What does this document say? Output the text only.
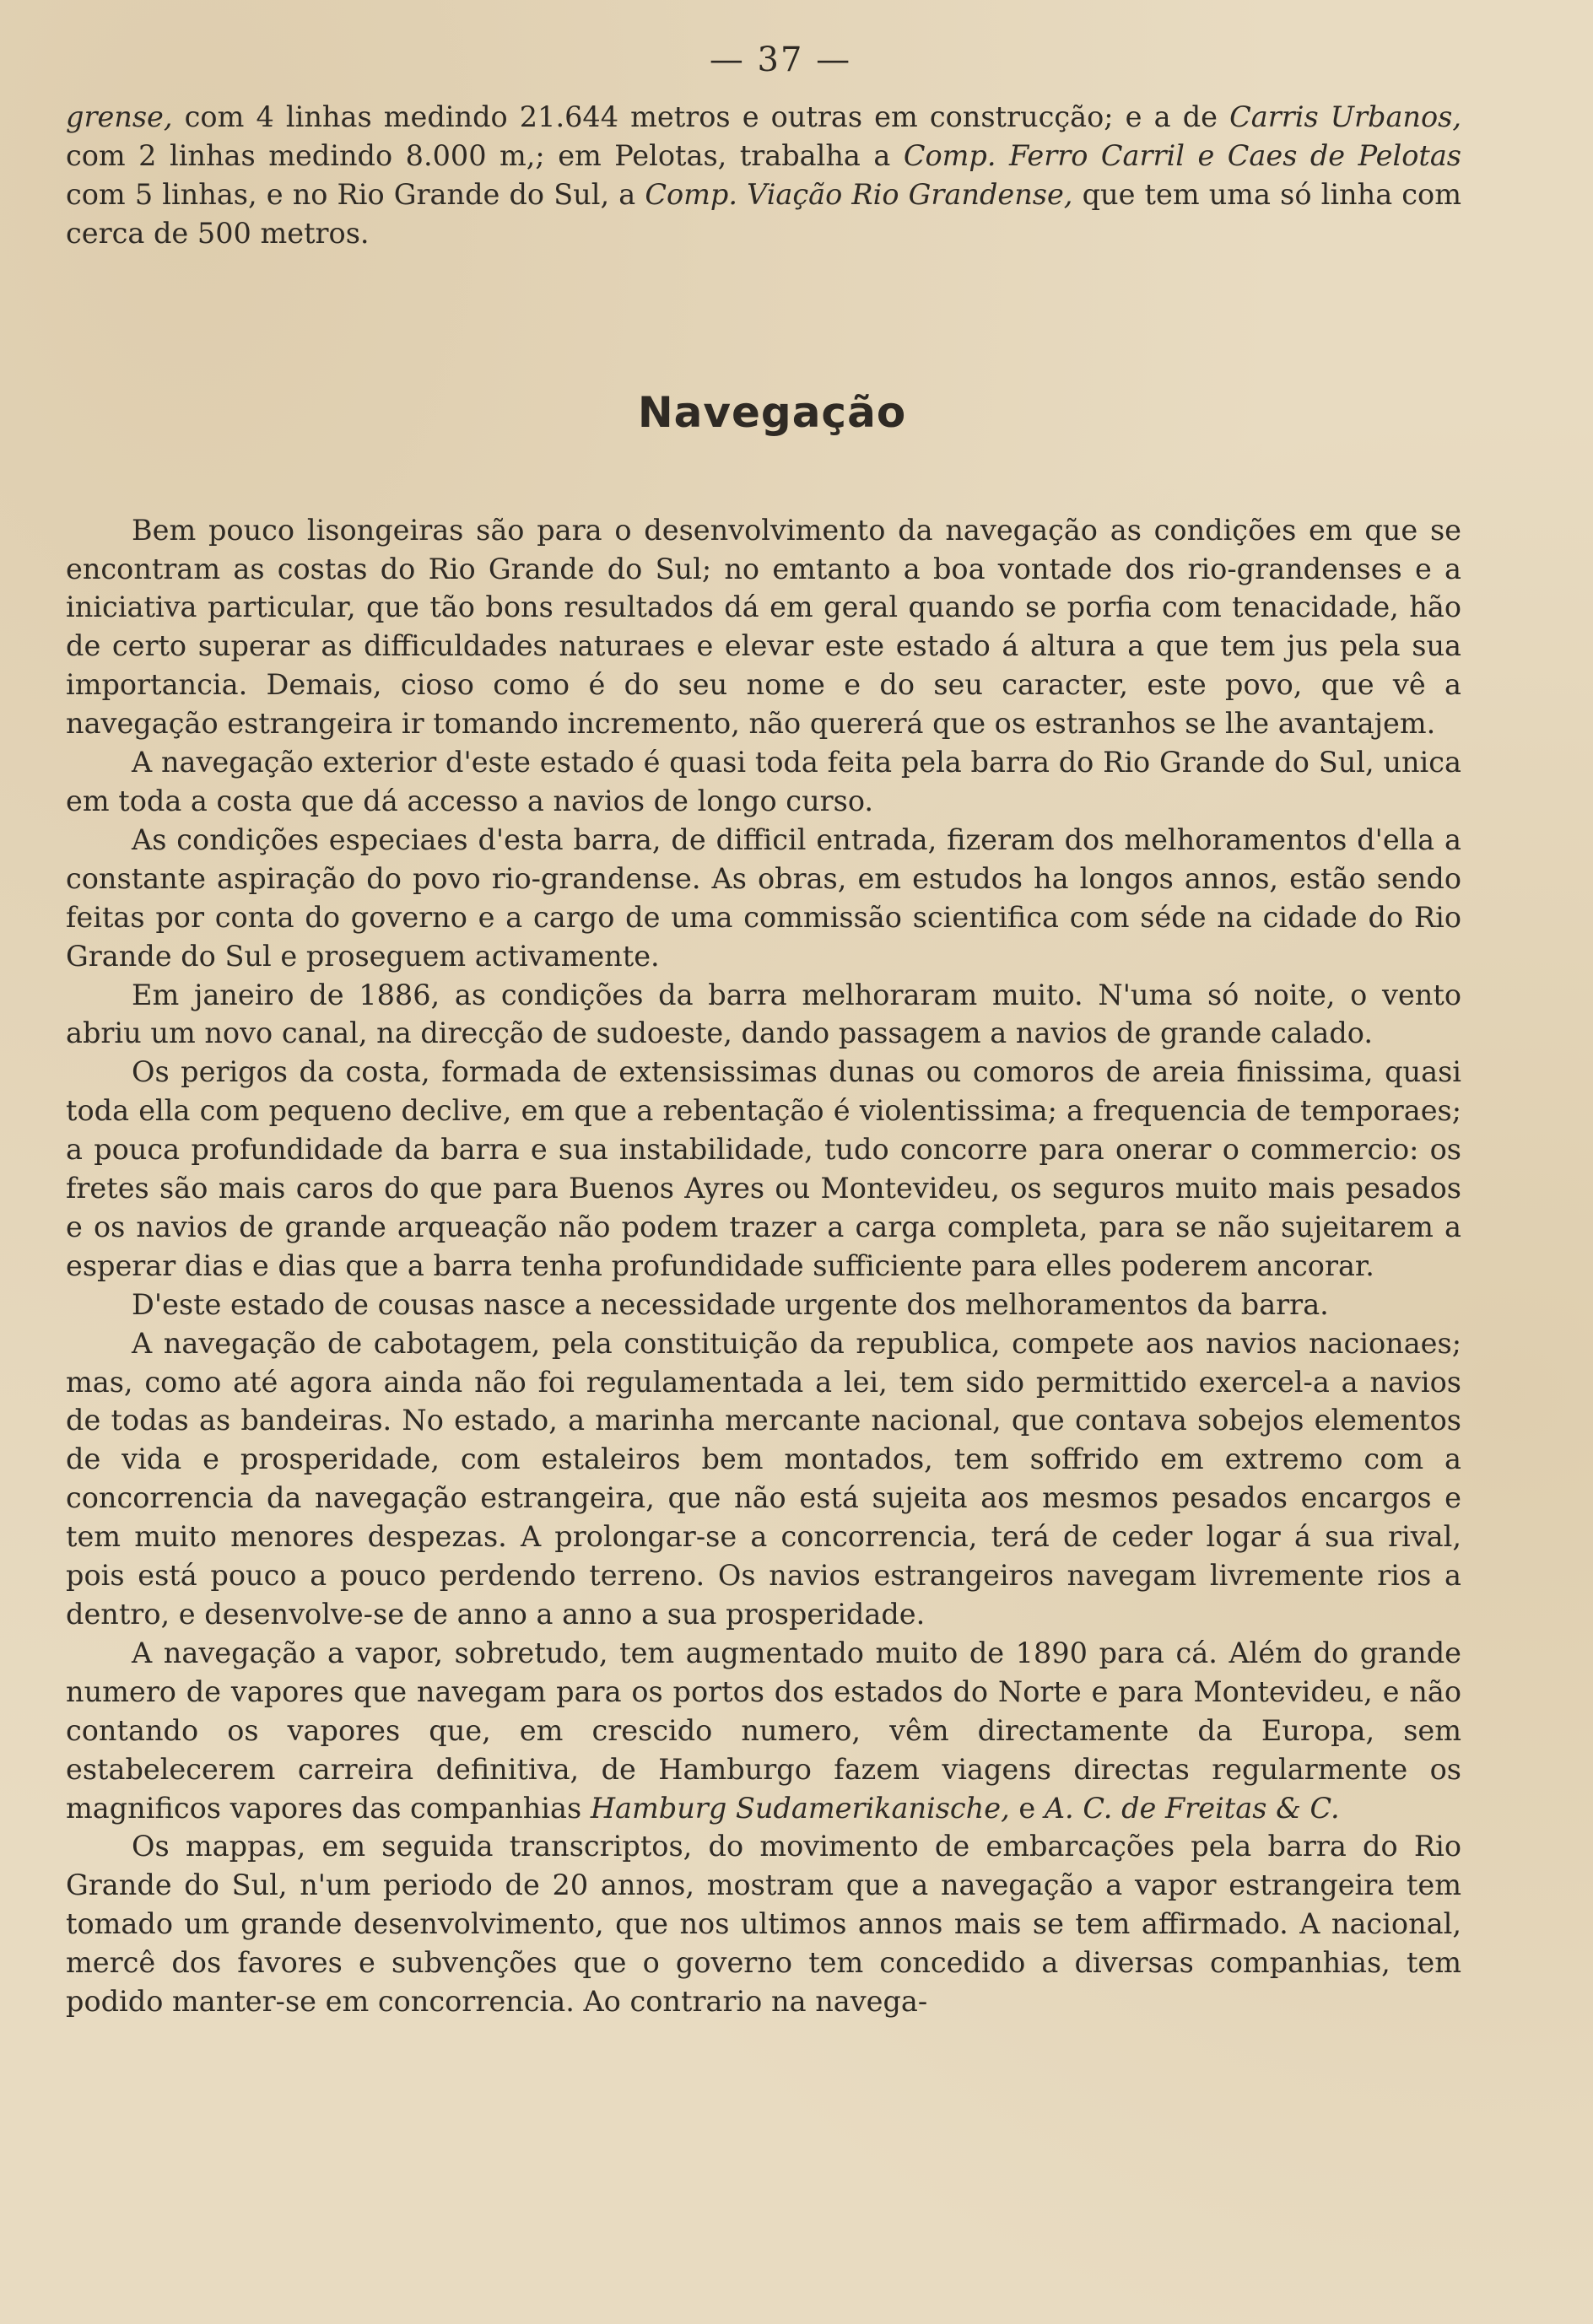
— 37 —

grense, com 4 linhas medindo 21.644 metros e outras em construcção; e a de Carris Urbanos, com 2 linhas medindo 8.000 m,; em Pelotas, trabalha a Comp. Ferro Carril e Caes de Pelotas com 5 linhas, e no Rio Grande do Sul, a Comp. Viação Rio Grandense, que tem uma só linha com cerca de 500 metros.

Navegação

Bem pouco lisongeiras são para o desenvolvimento da navegação as condições em que se encontram as costas do Rio Grande do Sul; no emtanto a boa vontade dos rio-grandenses e a iniciativa particular, que tão bons resultados dá em geral quando se porfia com tenacidade, hão de certo superar as difficuldades naturaes e elevar este estado á altura a que tem jus pela sua importancia. Demais, cioso como é do seu nome e do seu caracter, este povo, que vê a navegação estrangeira ir tomando incremento, não quererá que os estranhos se lhe avantajem.

A navegação exterior d'este estado é quasi toda feita pela barra do Rio Grande do Sul, unica em toda a costa que dá accesso a navios de longo curso.

As condições especiaes d'esta barra, de difficil entrada, fizeram dos melhoramentos d'ella a constante aspiração do povo rio-grandense. As obras, em estudos ha longos annos, estão sendo feitas por conta do governo e a cargo de uma commissão scientifica com séde na cidade do Rio Grande do Sul e proseguem activamente.

Em janeiro de 1886, as condições da barra melhoraram muito. N'uma só noite, o vento abriu um novo canal, na direcção de sudoeste, dando passagem a navios de grande calado.

Os perigos da costa, formada de extensissimas dunas ou comoros de areia finissima, quasi toda ella com pequeno declive, em que a rebentação é violentissima; a frequencia de temporaes; a pouca profundidade da barra e sua instabilidade, tudo concorre para onerar o commercio: os fretes são mais caros do que para Buenos Ayres ou Montevideu, os seguros muito mais pesados e os navios de grande arqueação não podem trazer a carga completa, para se não sujeitarem a esperar dias e dias que a barra tenha profundidade sufficiente para elles poderem ancorar.

D'este estado de cousas nasce a necessidade urgente dos melhoramentos da barra.

A navegação de cabotagem, pela constituição da republica, compete aos navios nacionaes; mas, como até agora ainda não foi regulamentada a lei, tem sido permittido exercel-a a navios de todas as bandeiras. No estado, a marinha mercante nacional, que contava sobejos elementos de vida e prosperidade, com estaleiros bem montados, tem soffrido em extremo com a concorrencia da navegação estrangeira, que não está sujeita aos mesmos pesados encargos e tem muito menores despezas. A prolongar-se a concorrencia, terá de ceder logar á sua rival, pois está pouco a pouco perdendo terreno. Os navios estrangeiros navegam livremente rios a dentro, e desenvolve-se de anno a anno a sua prosperidade.

A navegação a vapor, sobretudo, tem augmentado muito de 1890 para cá. Além do grande numero de vapores que navegam para os portos dos estados do Norte e para Montevideu, e não contando os vapores que, em crescido numero, vêm directamente da Europa, sem estabelecerem carreira definitiva, de Hamburgo fazem viagens directas regularmente os magnificos vapores das companhias Hamburg Sudamerikanische, e A. C. de Freitas & C.

Os mappas, em seguida transcriptos, do movimento de embarcações pela barra do Rio Grande do Sul, n'um periodo de 20 annos, mostram que a navegação a vapor estrangeira tem tomado um grande desenvolvimento, que nos ultimos annos mais se tem affirmado. A nacional, mercê dos favores e subvenções que o governo tem concedido a diversas companhias, tem podido manter-se em concorrencia. Ao contrario na navega-
